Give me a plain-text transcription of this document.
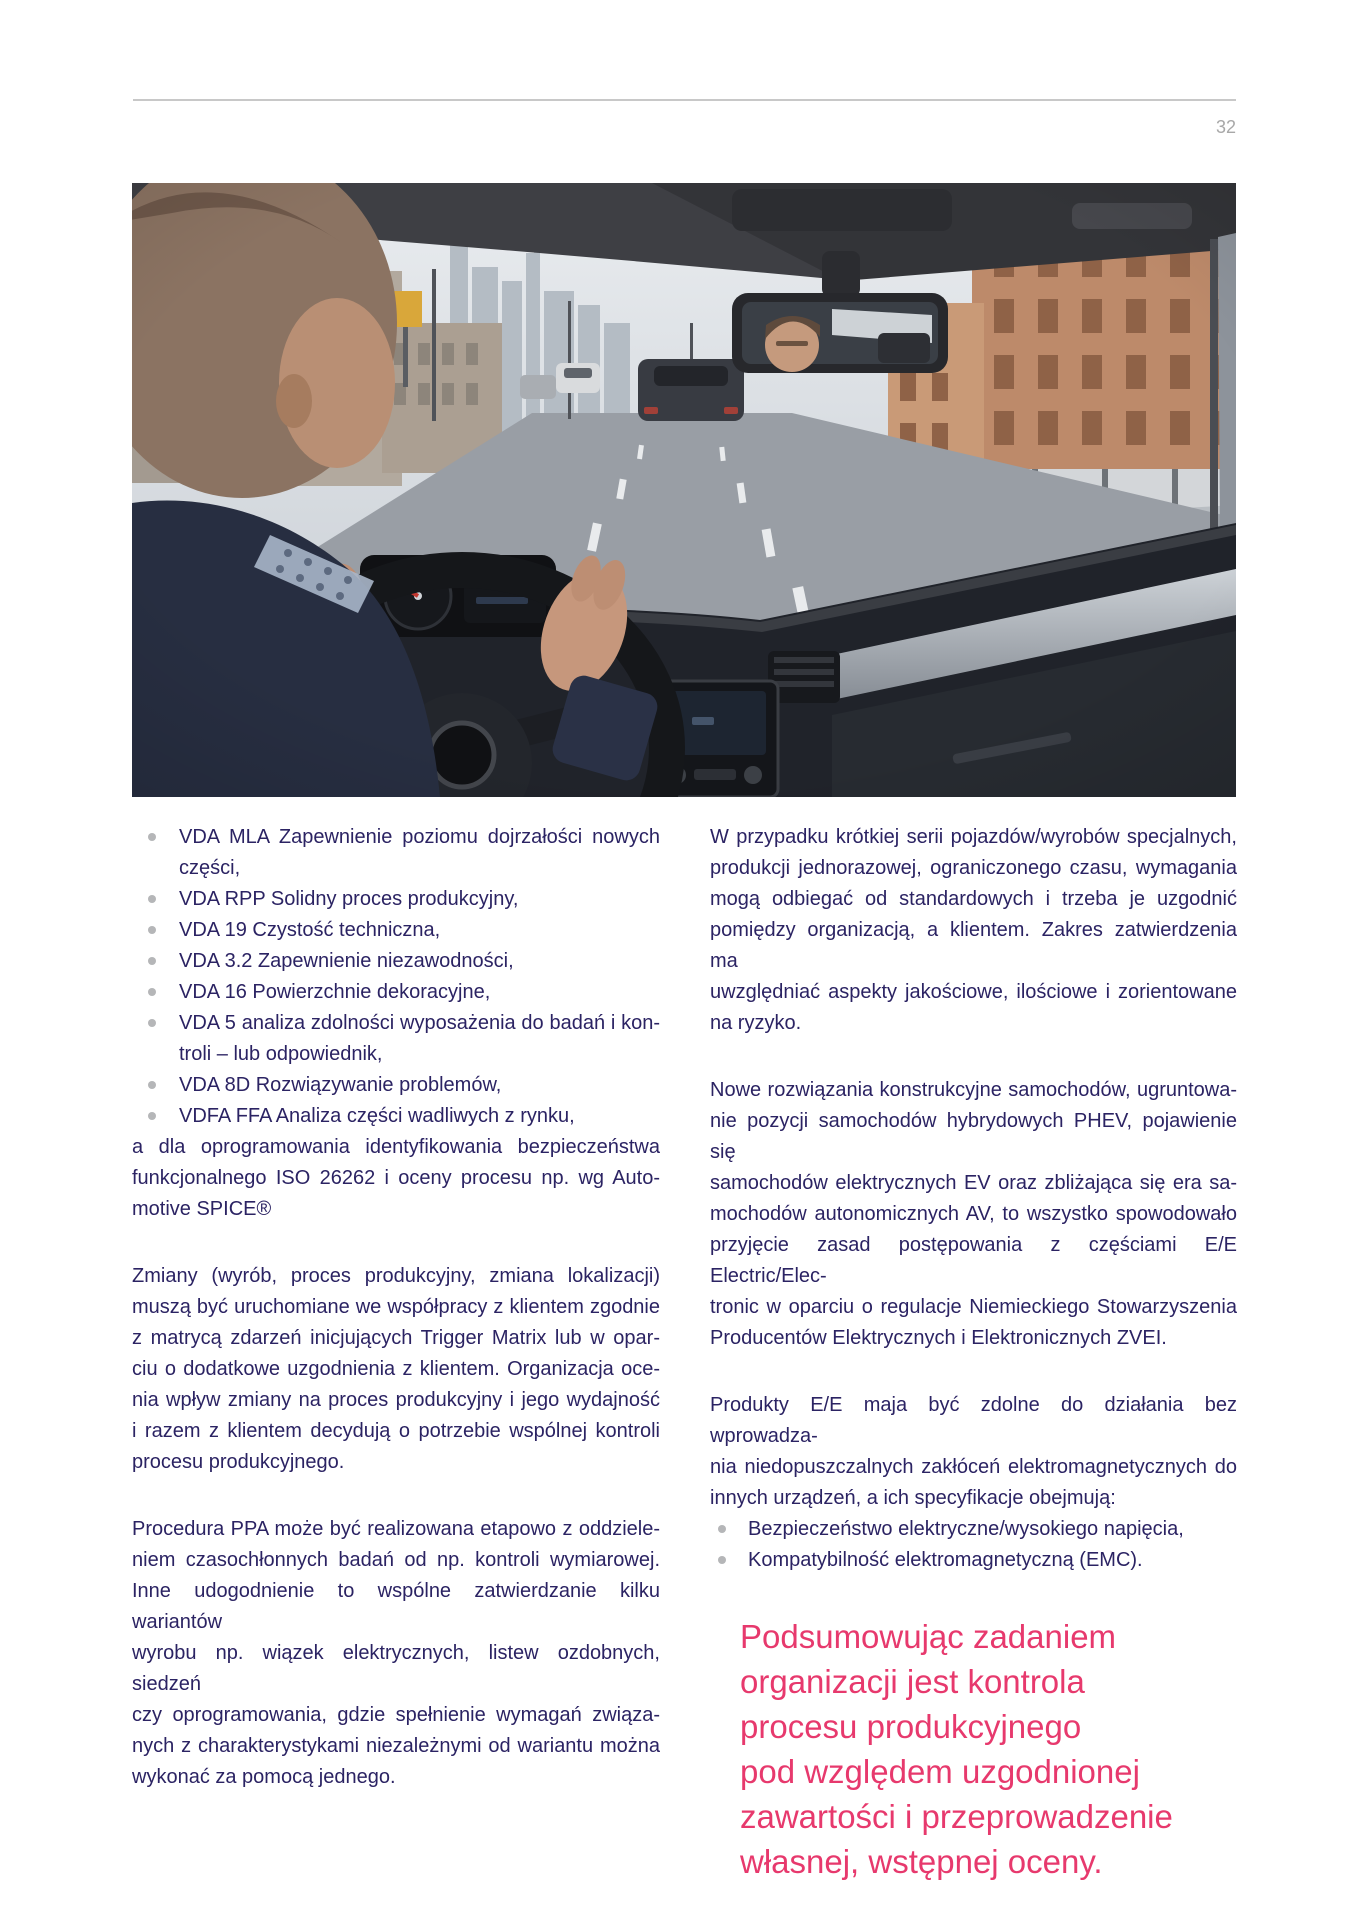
32
VDA MLA Zapewnienie poziomu dojrzałości nowych
części,
VDA RPP Solidny proces produkcyjny,
VDA 19 Czystość techniczna,
VDA 3.2 Zapewnienie niezawodności,
VDA 16 Powierzchnie dekoracyjne,
VDA 5 analiza zdolności wyposażenia do badań i kon-
troli – lub odpowiednik,
VDA 8D Rozwiązywanie problemów,
VDFA FFA Analiza części wadliwych z rynku,
a dla oprogramowania identyfikowania bezpieczeństwa
funkcjonalnego ISO 26262 i oceny procesu np. wg Auto-
motive SPICE®
Zmiany (wyrób, proces produkcyjny, zmiana lokalizacji)
muszą być uruchomiane we współpracy z klientem zgodnie
z matrycą zdarzeń inicjujących Trigger Matrix lub w opar-
ciu o dodatkowe uzgodnienia z klientem. Organizacja oce-
nia wpływ zmiany na proces produkcyjny i jego wydajność
i razem z klientem decydują o potrzebie wspólnej kontroli
procesu produkcyjnego.
Procedura PPA może być realizowana etapowo z oddziele-
niem czasochłonnych badań od np. kontroli wymiarowej.
Inne udogodnienie to wspólne zatwierdzanie kilku wariantów
wyrobu np. wiązek elektrycznych, listew ozdobnych, siedzeń
czy oprogramowania, gdzie spełnienie wymagań związa-
nych z charakterystykami niezależnymi od wariantu można
wykonać za pomocą jednego.
W przypadku krótkiej serii pojazdów/wyrobów specjalnych,
produkcji jednorazowej, ograniczonego czasu, wymagania
mogą odbiegać od standardowych i trzeba je uzgodnić
pomiędzy organizacją, a klientem. Zakres zatwierdzenia ma
uwzględniać aspekty jakościowe, ilościowe i zorientowane
na ryzyko.
Nowe rozwiązania konstrukcyjne samochodów, ugruntowa-
nie pozycji samochodów hybrydowych PHEV, pojawienie się
samochodów elektrycznych EV oraz zbliżająca się era sa-
mochodów autonomicznych AV, to wszystko spowodowało
przyjęcie zasad postępowania z częściami E/E Electric/Elec-
tronic w oparciu o regulacje Niemieckiego Stowarzyszenia
Producentów Elektrycznych i Elektronicznych ZVEI.
Produkty E/E maja być zdolne do działania bez wprowadza-
nia niedopuszczalnych zakłóceń elektromagnetycznych do
innych urządzeń, a ich specyfikacje obejmują:
Bezpieczeństwo elektryczne/wysokiego napięcia,
Kompatybilność elektromagnetyczną (EMC).
Podsumowując zadaniem
organizacji jest kontrola
procesu produkcyjnego
pod względem uzgodnionej
zawartości i przeprowadzenie
własnej, wstępnej oceny.
